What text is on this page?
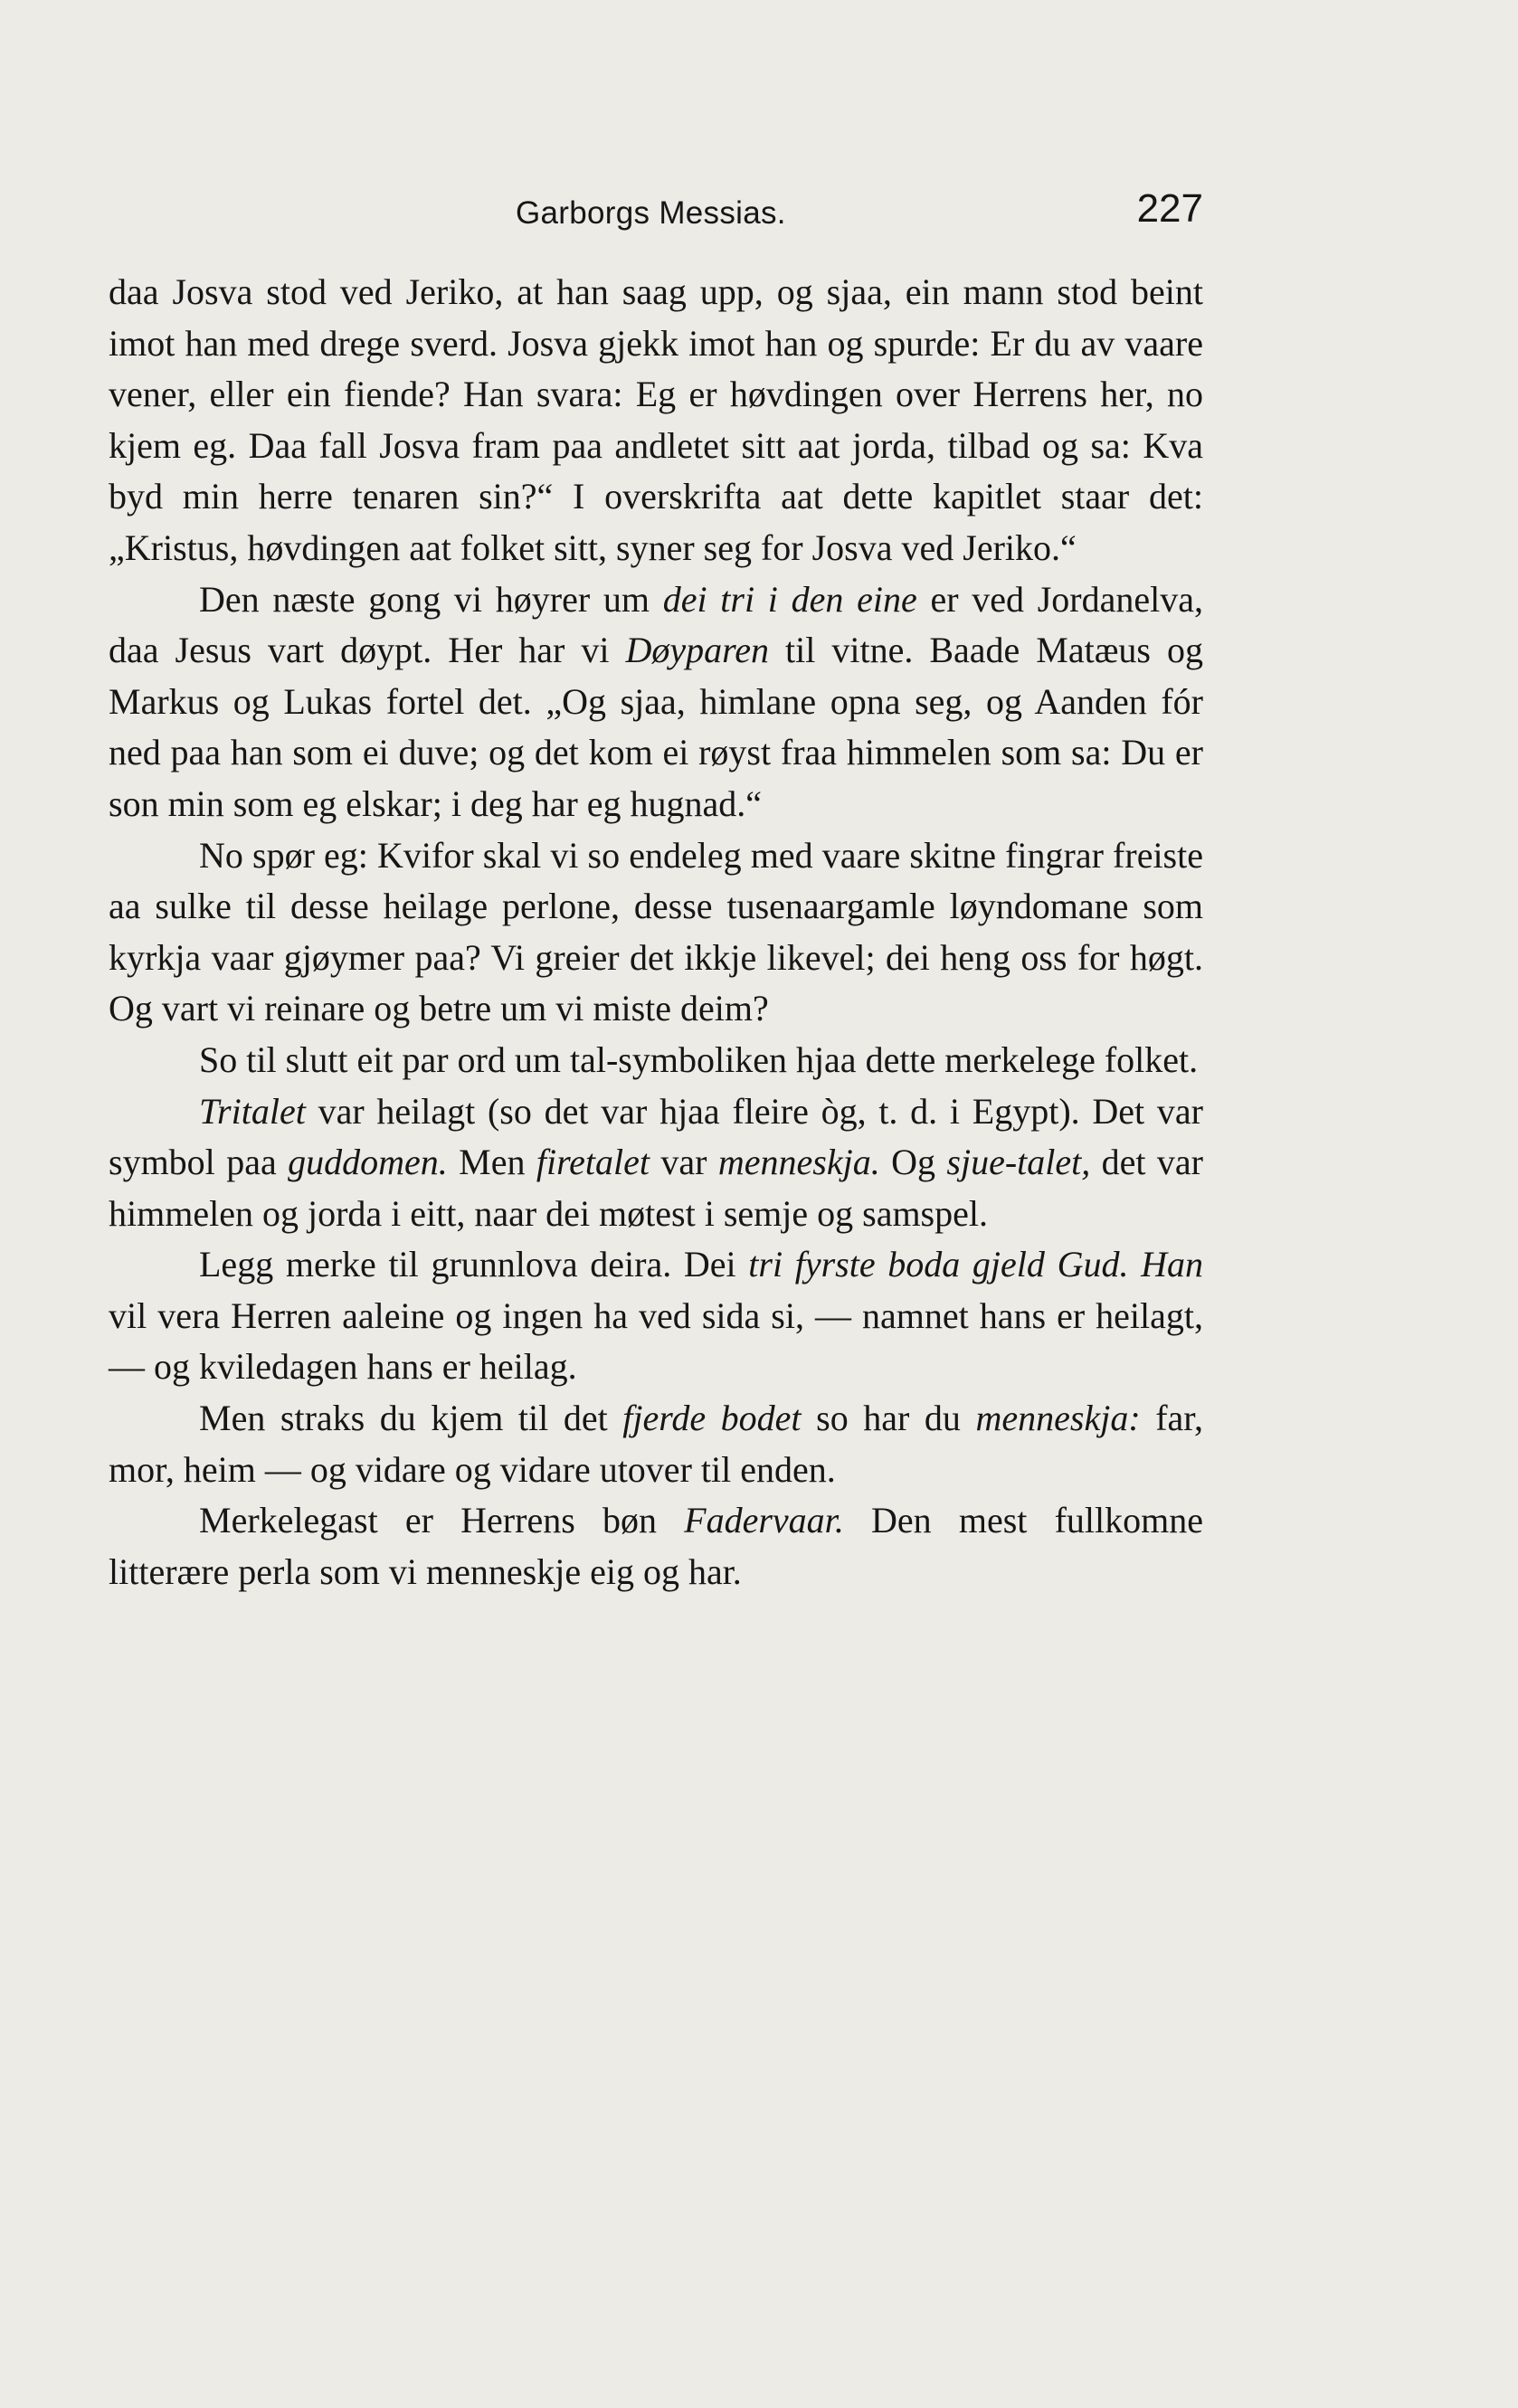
Garborgs Messias.	227

daa Josva stod ved Jeriko, at han saag upp, og sjaa, ein mann stod beint imot han med drege sverd. Josva gjekk imot han og spurde: Er du av vaare vener, eller ein fiende? Han svara: Eg er høvdingen over Herrens her, no kjem eg. Daa fall Josva fram paa andletet sitt aat jorda, tilbad og sa: Kva byd min herre tenaren sin?“ I overskrifta aat dette kapitlet staar det: „Kristus, høvdingen aat folket sitt, syner seg for Josva ved Jeriko.“

Den næste gong vi høyrer um dei tri i den eine er ved Jordanelva, daa Jesus vart døypt. Her har vi Døyparen til vitne. Baade Matæus og Markus og Lukas fortel det. „Og sjaa, himlane opna seg, og Aanden fór ned paa han som ei duve; og det kom ei røyst fraa himmelen som sa: Du er son min som eg elskar; i deg har eg hugnad.“

No spør eg: Kvifor skal vi so endeleg med vaare skitne fingrar freiste aa sulke til desse heilage perlone, desse tusenaargamle løyndomane som kyrkja vaar gjøymer paa? Vi greier det ikkje likevel; dei heng oss for høgt. Og vart vi reinare og betre um vi miste deim?

So til slutt eit par ord um tal-symboliken hjaa dette merkelege folket.

Tritalet var heilagt (so det var hjaa fleire òg, t. d. i Egypt). Det var symbol paa guddomen. Men firetalet var menneskja. Og sjue-talet, det var himmelen og jorda i eitt, naar dei møtest i semje og samspel.

Legg merke til grunnlova deira. Dei tri fyrste boda gjeld Gud. Han vil vera Herren aaleine og ingen ha ved sida si, — namnet hans er heilagt, — og kviledagen hans er heilag.

Men straks du kjem til det fjerde bodet so har du menneskja: far, mor, heim — og vidare og vidare utover til enden.

Merkelegast er Herrens bøn Fadervaar. Den mest fullkomne litterære perla som vi menneskje eig og har.
